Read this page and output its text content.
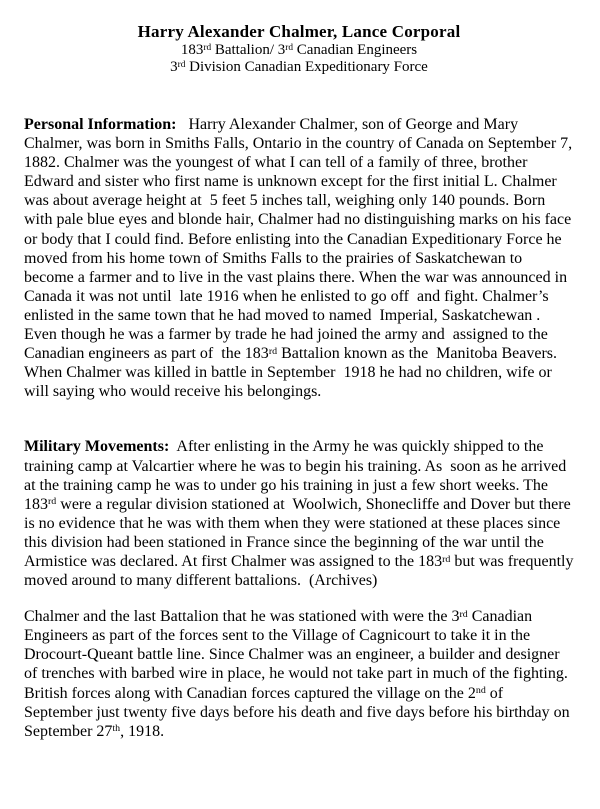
Harry Alexander Chalmer, Lance Corporal

183rd Battalion/ 3rd Canadian Engineers

3rd Division Canadian Expeditionary Force

Personal Information:   Harry Alexander Chalmer, son of George and Mary Chalmer, was born in Smiths Falls, Ontario in the country of Canada on September 7,  1882. Chalmer was the youngest of what I can tell of a family of three, brother Edward and sister who first name is unknown except for the first initial L. Chalmer was about average height at  5 feet 5 inches tall, weighing only 140 pounds. Born with pale blue eyes and blonde hair, Chalmer had no distinguishing marks on his face or body that I could find. Before enlisting into the Canadian Expeditionary Force he moved from his home town of Smiths Falls to the prairies of Saskatchewan to become a farmer and to live in the vast plains there. When the war was announced in Canada it was not until  late 1916 when he enlisted to go off  and fight. Chalmer’s enlisted in the same town that he had moved to named  Imperial, Saskatchewan . Even though he was a farmer by trade he had joined the army and  assigned to the  Canadian engineers as part of  the 183rd Battalion known as the  Manitoba Beavers. When Chalmer was killed in battle in September  1918 he had no children, wife or will saying who would receive his belongings.

Military Movements:  After enlisting in the Army he was quickly shipped to the training camp at Valcartier where he was to begin his training. As  soon as he arrived at the training camp he was to under go his training in just a few short weeks. The 183rd were a regular division stationed at  Woolwich, Shonecliffe and Dover but there is no evidence that he was with them when they were stationed at these places since this division had been stationed in France since the beginning of the war until the Armistice was declared. At first Chalmer was assigned to the 183rd but was frequently moved around to many different battalions.  (Archives)

Chalmer and the last Battalion that he was stationed with were the 3rd Canadian Engineers as part of the forces sent to the Village of Cagnicourt to take it in the Drocourt-Queant battle line. Since Chalmer was an engineer, a builder and designer of trenches with barbed wire in place, he would not take part in much of the fighting. British forces along with Canadian forces captured the village on the 2nd of September just twenty five days before his death and five days before his birthday on September 27th, 1918.
